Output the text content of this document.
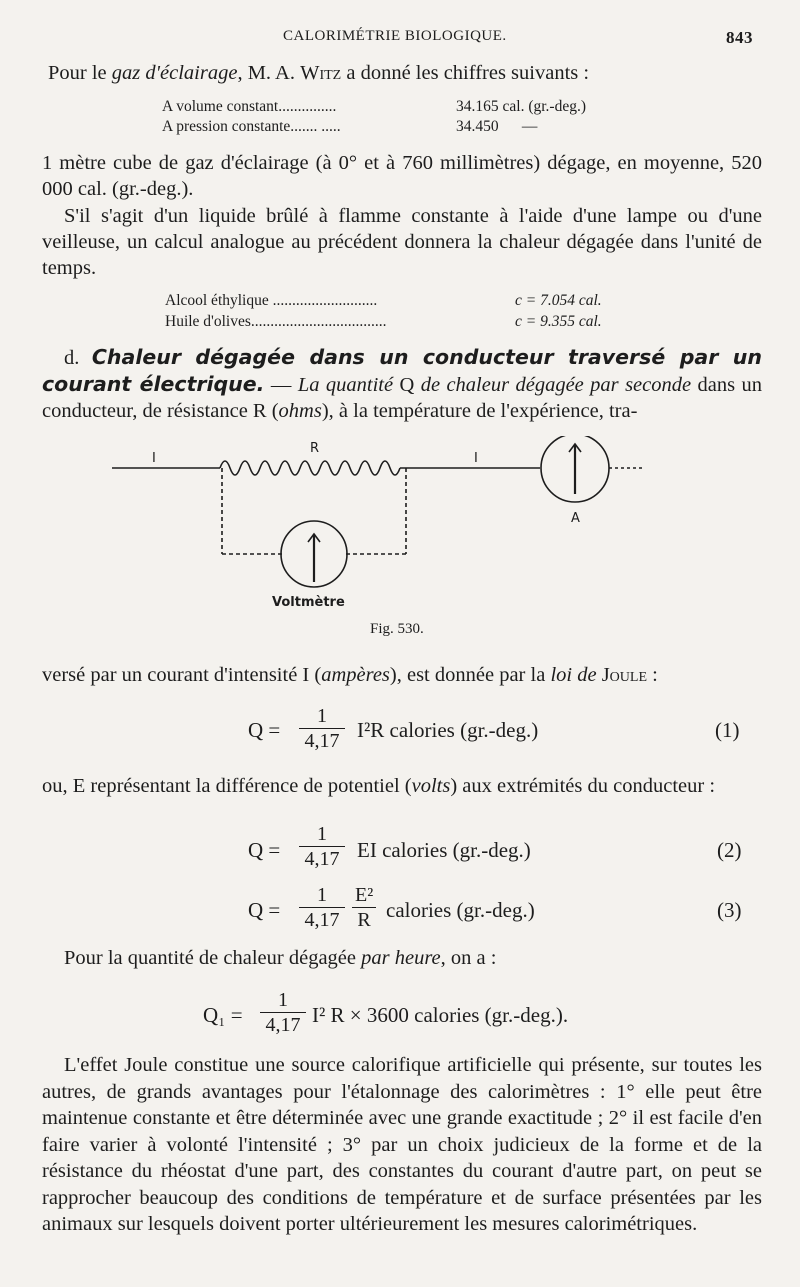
CALORIMÉTRIE BIOLOGIQUE.	843
Pour le gaz d'éclairage, M. A. Witz a donné les chiffres suivants :
A volume constant...............	34.165 cal. (gr.-deg.)
A pression constante....... .....	34.450      —
1 mètre cube de gaz d'éclairage (à 0° et à 760 millimètres) dégage, en moyenne, 520 000 cal. (gr.-deg.).
S'il s'agit d'un liquide brûlé à flamme constante à l'aide d'une lampe ou d'une veilleuse, un calcul analogue au précédent donnera la chaleur dégagée dans l'unité de temps.
Alcool éthylique ...........................	c = 7.054 cal.
Huile d'olives...................................	c = 9.355 cal.
d. Chaleur dégagée dans un conducteur traversé par un courant électrique. — La quantité Q de chaleur dégagée par seconde dans un conducteur, de résistance R (ohms), à la température de l'expérience, tra-
I
R
I
A
Voltmètre
Fig. 530.
versé par un courant d'intensité I (ampères), est donnée par la loi de Joule :
$Q = \frac{1}{4,17} I^2R$ calories (gr.-deg.)	(1)
ou, E représentant la différence de potentiel (volts) aux extrémités du conducteur :
$Q = \frac{1}{4,17}$ EI calories (gr.-deg.)	(2)
$Q = \frac{1}{4,17} \frac{\text{E²}}{R}$ calories (gr.-deg.)	(3)
Pour la quantité de chaleur dégagée par heure, on a :
$Q_1 = \frac{1}{4,17} I^2$ R × 3600 calories (gr.-deg.).
L'effet Joule constitue une source calorifique artificielle qui présente, sur toutes les autres, de grands avantages pour l'étalonnage des calorimètres : 1° elle peut être maintenue constante et être déterminée avec une grande exactitude ; 2° il est facile d'en faire varier à volonté l'intensité ; 3° par un choix judicieux de la forme et de la résistance du rhéostat d'une part, des constantes du courant d'autre part, on peut se rapprocher beaucoup des conditions de température et de surface présentées par les animaux sur lesquels doivent porter ultérieurement les mesures calorimétriques.
